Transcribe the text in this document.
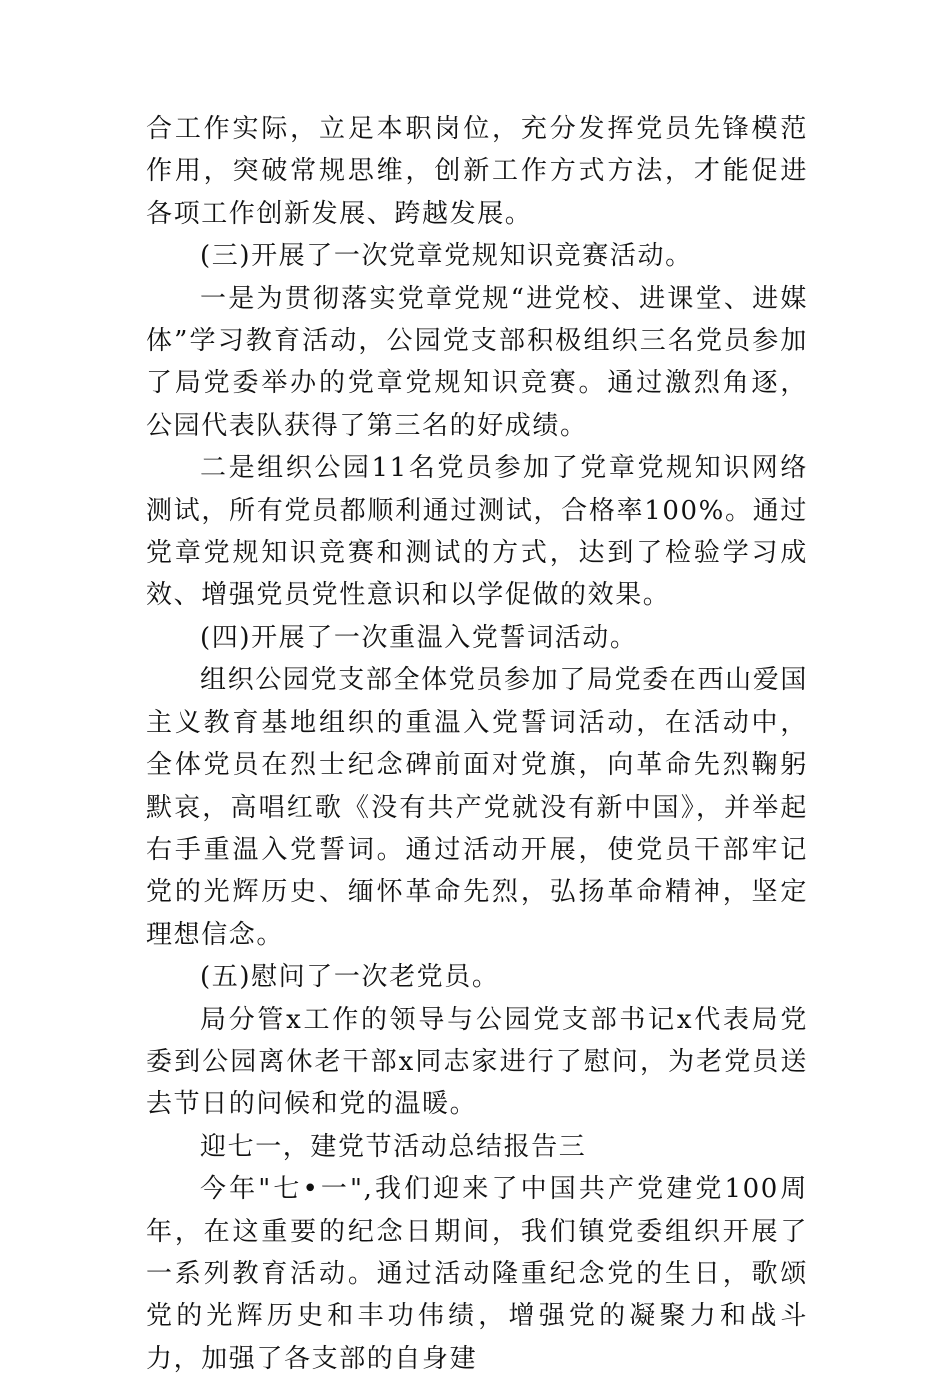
合工作实际，立足本职岗位，充分发挥党员先锋模范作用，突破常规思维，创新工作方式方法，才能促进各项工作创新发展、跨越发展。

(三)开展了一次党章党规知识竞赛活动。

一是为贯彻落实党章党规“进党校、进课堂、进媒体”学习教育活动，公园党支部积极组织三名党员参加了局党委举办的党章党规知识竞赛。通过激烈角逐，公园代表队获得了第三名的好成绩。

二是组织公园11名党员参加了党章党规知识网络测试，所有党员都顺利通过测试，合格率100%。通过党章党规知识竞赛和测试的方式，达到了检验学习成效、增强党员党性意识和以学促做的效果。

(四)开展了一次重温入党誓词活动。

组织公园党支部全体党员参加了局党委在西山爱国主义教育基地组织的重温入党誓词活动，在活动中，全体党员在烈士纪念碑前面对党旗，向革命先烈鞠躬默哀，高唱红歌《没有共产党就没有新中国》，并举起右手重温入党誓词。通过活动开展，使党员干部牢记党的光辉历史、缅怀革命先烈，弘扬革命精神，坚定理想信念。

(五)慰问了一次老党员。

局分管x工作的领导与公园党支部书记x代表局党委到公园离休老干部x同志家进行了慰问，为老党员送去节日的问候和党的温暖。

迎七一，建党节活动总结报告三

今年"七•一",我们迎来了中国共产党建党100周年，在这重要的纪念日期间，我们镇党委组织开展了一系列教育活动。通过活动隆重纪念党的生日，歌颂党的光辉历史和丰功伟绩，增强党的凝聚力和战斗力，加强了各支部的自身建
